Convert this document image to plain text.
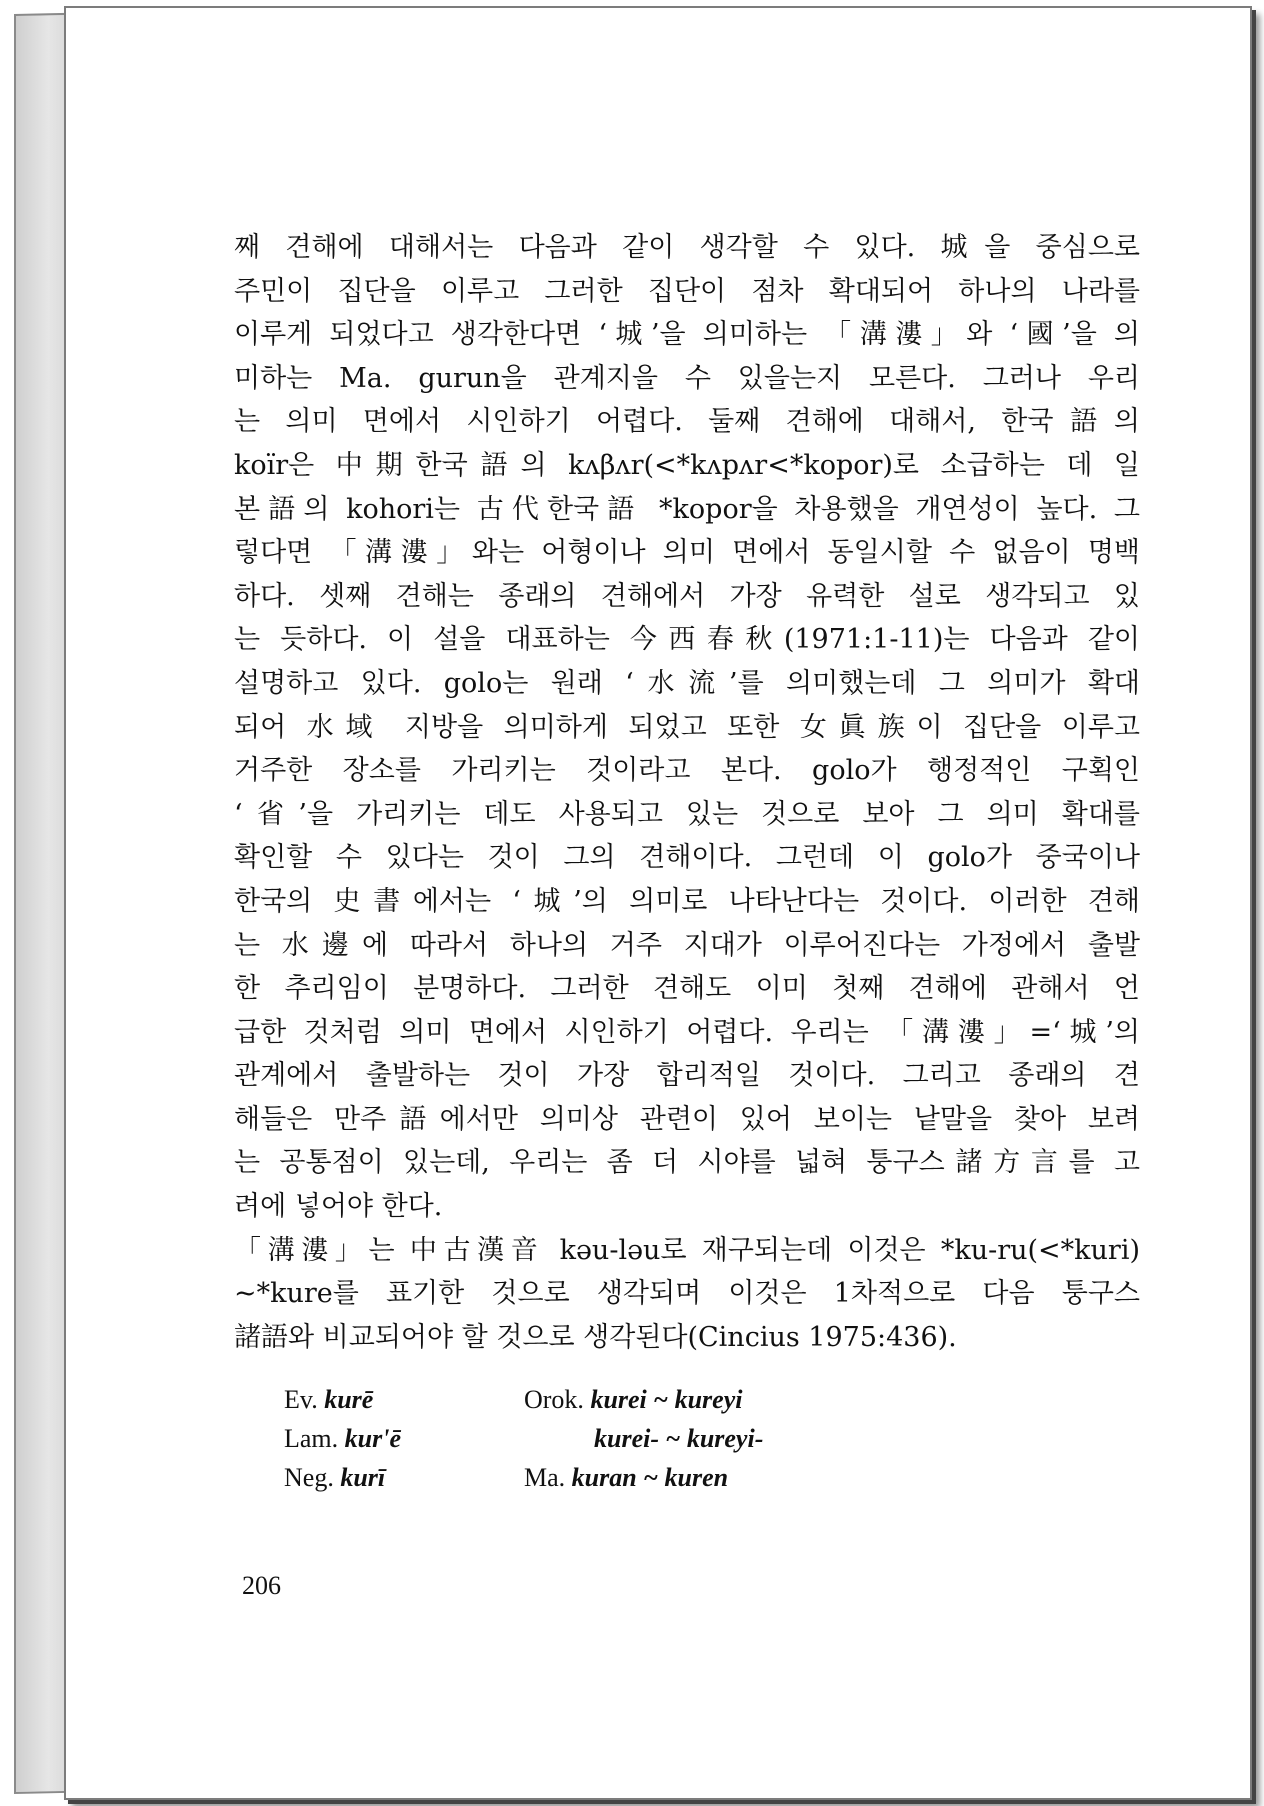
째 견해에 대해서는 다음과 같이 생각할 수 있다. 城을 중심으로
주민이 집단을 이루고 그러한 집단이 점차 확대되어 하나의 나라를
이루게 되었다고 생각한다면 ‘城’을 의미하는 「溝漊」와 ‘國’을 의
미하는 Ma. gurun을 관계지을 수 있을는지 모른다. 그러나 우리
는 의미 면에서 시인하기 어렵다. 둘째 견해에 대해서, 한국語의
koïr은 中期한국語의 kʌβʌr(<*kʌpʌr<*kopor)로 소급하는 데 일
본語의 kohori는 古代한국語 *kopor을 차용했을 개연성이 높다. 그
렇다면 「溝漊」와는 어형이나 의미 면에서 동일시할 수 없음이 명백
하다. 셋째 견해는 종래의 견해에서 가장 유력한 설로 생각되고 있
는 듯하다. 이 설을 대표하는 今西春秋(1971:1-11)는 다음과 같이
설명하고 있다. golo는 원래 ‘水流’를 의미했는데 그 의미가 확대
되어 水域 지방을 의미하게 되었고 또한 女眞族이 집단을 이루고
거주한 장소를 가리키는 것이라고 본다. golo가 행정적인 구획인
‘省’을 가리키는 데도 사용되고 있는 것으로 보아 그 의미 확대를
확인할 수 있다는 것이 그의 견해이다. 그런데 이 golo가 중국이나
한국의 史書에서는 ‘城’의 의미로 나타난다는 것이다. 이러한 견해
는 水邊에 따라서 하나의 거주 지대가 이루어진다는 가정에서 출발
한 추리임이 분명하다. 그러한 견해도 이미 첫째 견해에 관해서 언
급한 것처럼 의미 면에서 시인하기 어렵다. 우리는 「溝漊」=‘城’의
관계에서 출발하는 것이 가장 합리적일 것이다. 그리고 종래의 견
해들은 만주語에서만 의미상 관련이 있어 보이는 낱말을 찾아 보려
는 공통점이 있는데, 우리는 좀 더 시야를 넓혀 퉁구스諸方言를 고
려에 넣어야 한다.
「溝漊」는 中古漢音 kəu-ləu로 재구되는데 이것은 *ku-ru(<*kuri)
~*kure를 표기한 것으로 생각되며 이것은 1차적으로 다음 퉁구스
諸語와 비교되어야 할 것으로 생각된다(Cincius 1975:436).
Ev. kurē	Orok. kurei ~ kureyi
Lam. kur'ē	kurei- ~ kureyi-
Neg. kurī	Ma. kuran ~ kuren
206
